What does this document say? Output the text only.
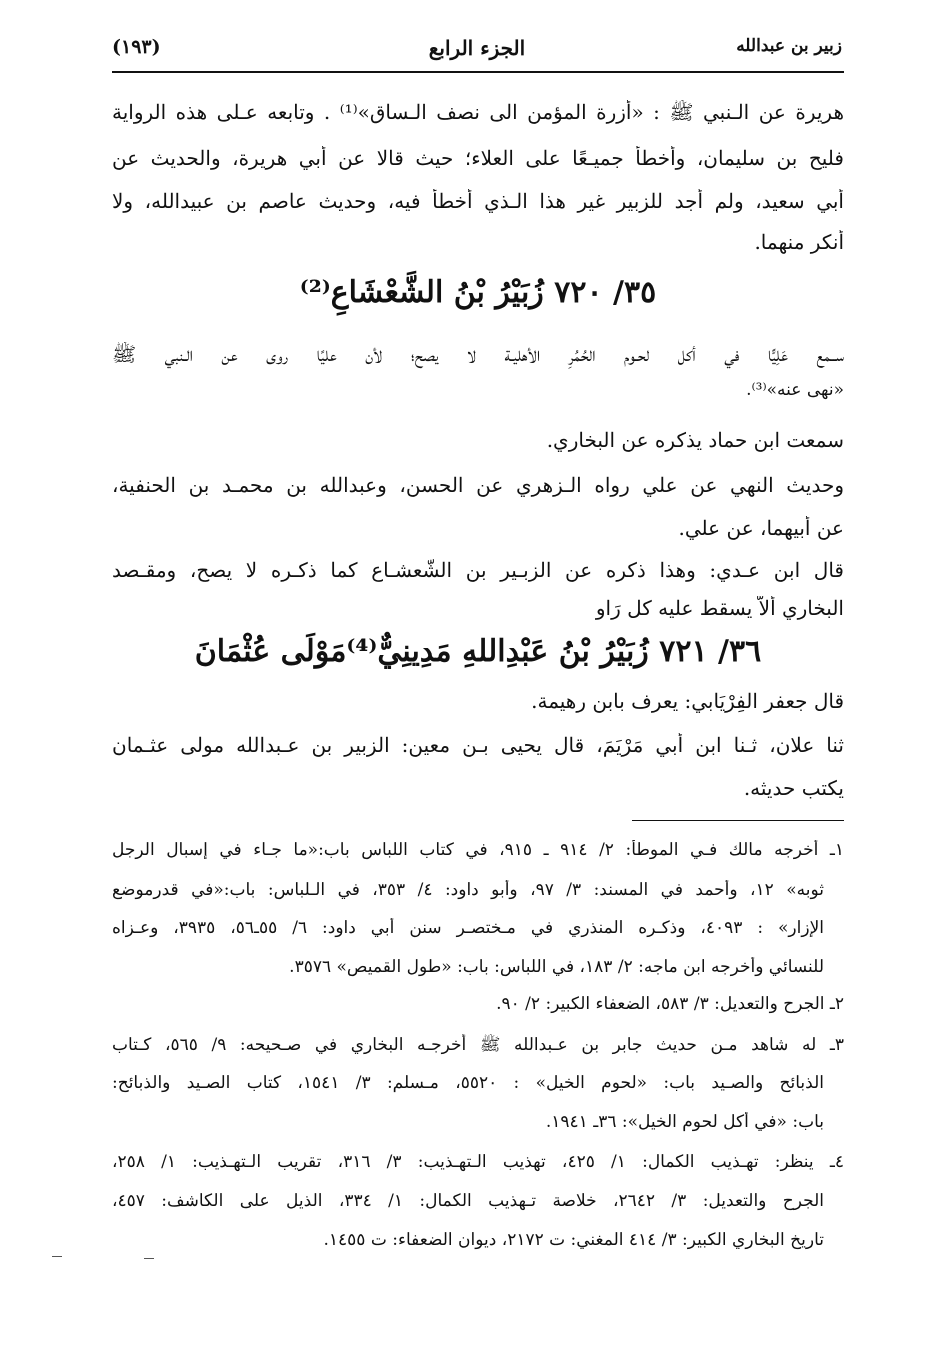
زبير بن عبدالله
الجزء الرابع
(١٩٣)
هريرة عن الـنبي ﷺ : «أزرة المؤمن الى نصف الـساق»⁽¹⁾ . وتابعه عـلى هذه الرواية
فليح بن سليمان، وأخطأ جميـعًا على العلاء؛ حيث قالا عن أبي هريرة، والحديث عن
أبي سعيد، ولم أجد للزبير غير هذا الـذي أخطأ فيه، وحديث عاصم بن عبيدالله، ولا
أنكر منهما.
٣٥/ ٧٢٠ زُبَيْرُ بْنُ الشَّعْشَاعِ⁽²⁾
ســمع عَلِيًّا في أكل لحـوم الحُمُرِ الأهليـة لا يصح؛ لأن عليًا روى عن الـنبي ﷺ
«نهى عنه»⁽³⁾.
سمعت ابن حماد يذكره عن البخاري.
وحديث النهي عن علي رواه الـزهري عن الحسن، وعبدالله بن محمـد بن الحنفية،
عن أبيهما، عن علي.
قال ابن عـدي: وهذا ذكره عن الزبـير بن الشّعشـاع كما ذكـره لا يصح، ومقـصد
البخاري ألاّ يسقط عليه كل رَاوٍ
٣٦/ ٧٢١ زُبَيْرُ بْنُ عَبْدِاللهِ مَدِينِيٌّ⁽⁴⁾مَوْلَى عُثْمَانَ
قال جعفر الفِرْيَابي: يعرف بابن رهيمة.
ثنا علان، ثـنا ابن أبي مَرْيَمَ، قال يحيى بـن معين: الزبير بن عـبدالله مولى عثـمان
يكتب حديثه.
١ـ أخرجه مالك فـي الموطأ: ٢/ ٩١٤ ـ ٩١٥، في كتاب اللباس باب:«ما جـاء في إسبال الرجل
ثوبه» ١٢، وأحمد في المسند: ٣/ ٩٧، وأبو داود: ٤/ ٣٥٣، في الـلباس: باب:«في قدرموضع
الإزار» : ٤٠٩٣، وذكـره المنذري في مـختصـر سنن أبي داود: ٦/ ٥٥ـ٥٦، ٣٩٣٥، وعـزاه
للنسائي وأخرجه ابن ماجه: ٢/ ١٨٣، في اللباس: باب: «طول القميص» ٣٥٧٦.
٢ـ الجرح والتعديل: ٣/ ٥٨٣، الضعفاء الكبير: ٢/ ٩٠.
٣ـ له شاهد مـن حديث جابر بن عـبدالله ﷺ أخرجـه البخاري في صـحيحه: ٩/ ٥٦٥، كـتاب
الذبائح والصـيد باب: «لحوم الخيل» : ٥٥٢٠، مـسلم: ٣/ ١٥٤١، كتاب الصـيد والذبائح:
باب: «في أكل لحوم الخيل»: ٣٦ـ ١٩٤١.
٤ـ ينظر: تهـذيب الكمال: ١/ ٤٢٥، تهذيب الـتهـذيب: ٣/ ٣١٦، تقريب الـتهـذيب: ١/ ٢٥٨،
الجرح والتعديل: ٣/ ٢٦٤٢، خلاصة تـهذيب الكمال: ١/ ٣٣٤، الذيل على الكاشف: ٤٥٧،
تاريخ البخاري الكبير: ٣/ ٤١٤ المغني: ت ٢١٧٢، ديوان الضعفاء: ت ١٤٥٥.
